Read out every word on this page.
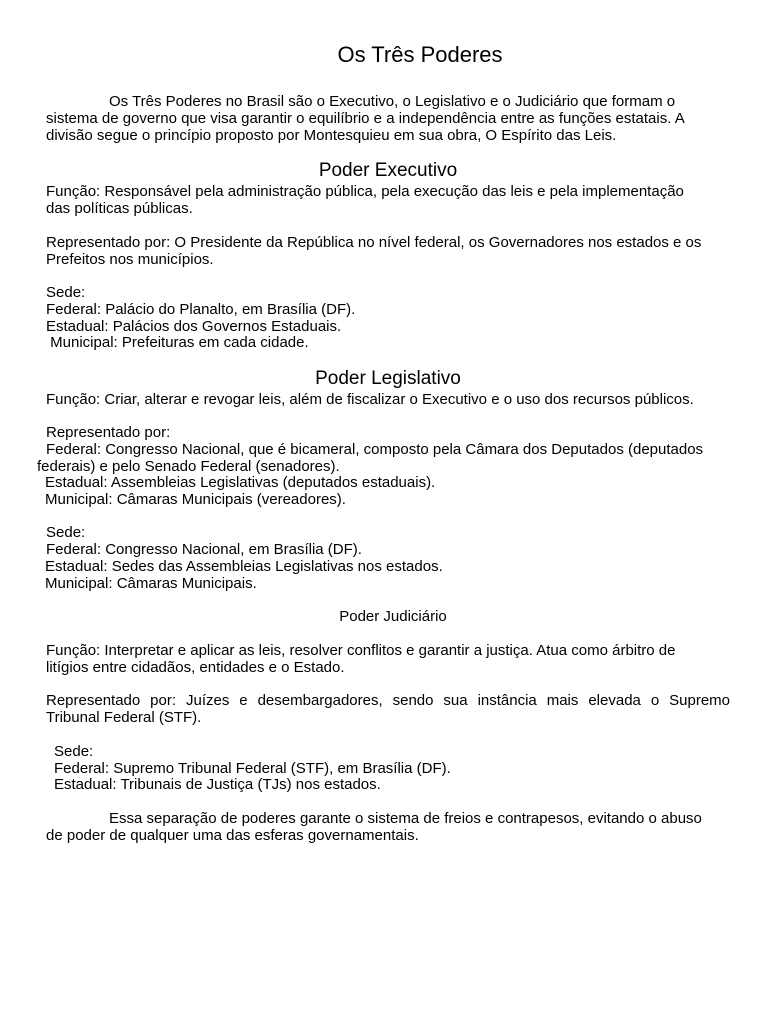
Os Três Poderes
Os Três Poderes no Brasil são o Executivo, o Legislativo e o Judiciário que formam o
sistema de governo que visa garantir o equilíbrio e a independência entre as funções estatais. A
divisão segue o princípio proposto por Montesquieu em sua obra, O Espírito das Leis.
Poder Executivo
Função: Responsável pela administração pública, pela execução das leis e pela implementação
das políticas públicas.
Representado por: O Presidente da República no nível federal, os Governadores nos estados e os
Prefeitos nos municípios.
Sede:
Federal: Palácio do Planalto, em Brasília (DF).
Estadual: Palácios dos Governos Estaduais.
Municipal: Prefeituras em cada cidade.
Poder Legislativo
Função: Criar, alterar e revogar leis, além de fiscalizar o Executivo e o uso dos recursos públicos.
Representado por:
Federal: Congresso Nacional, que é bicameral, composto pela Câmara dos Deputados (deputados
federais) e pelo Senado Federal (senadores).
Estadual: Assembleias Legislativas (deputados estaduais).
Municipal: Câmaras Municipais (vereadores).
Sede:
Federal: Congresso Nacional, em Brasília (DF).
Estadual: Sedes das Assembleias Legislativas nos estados.
Municipal: Câmaras Municipais.
Poder Judiciário
Função: Interpretar e aplicar as leis, resolver conflitos e garantir a justiça. Atua como árbitro de
litígios entre cidadãos, entidades e o Estado.
Representado por: Juízes e desembargadores, sendo sua instância mais elevada o Supremo
Tribunal Federal (STF).
Sede:
Federal: Supremo Tribunal Federal (STF), em Brasília (DF).
Estadual: Tribunais de Justiça (TJs) nos estados.
Essa separação de poderes garante o sistema de freios e contrapesos, evitando o abuso
de poder de qualquer uma das esferas governamentais.
